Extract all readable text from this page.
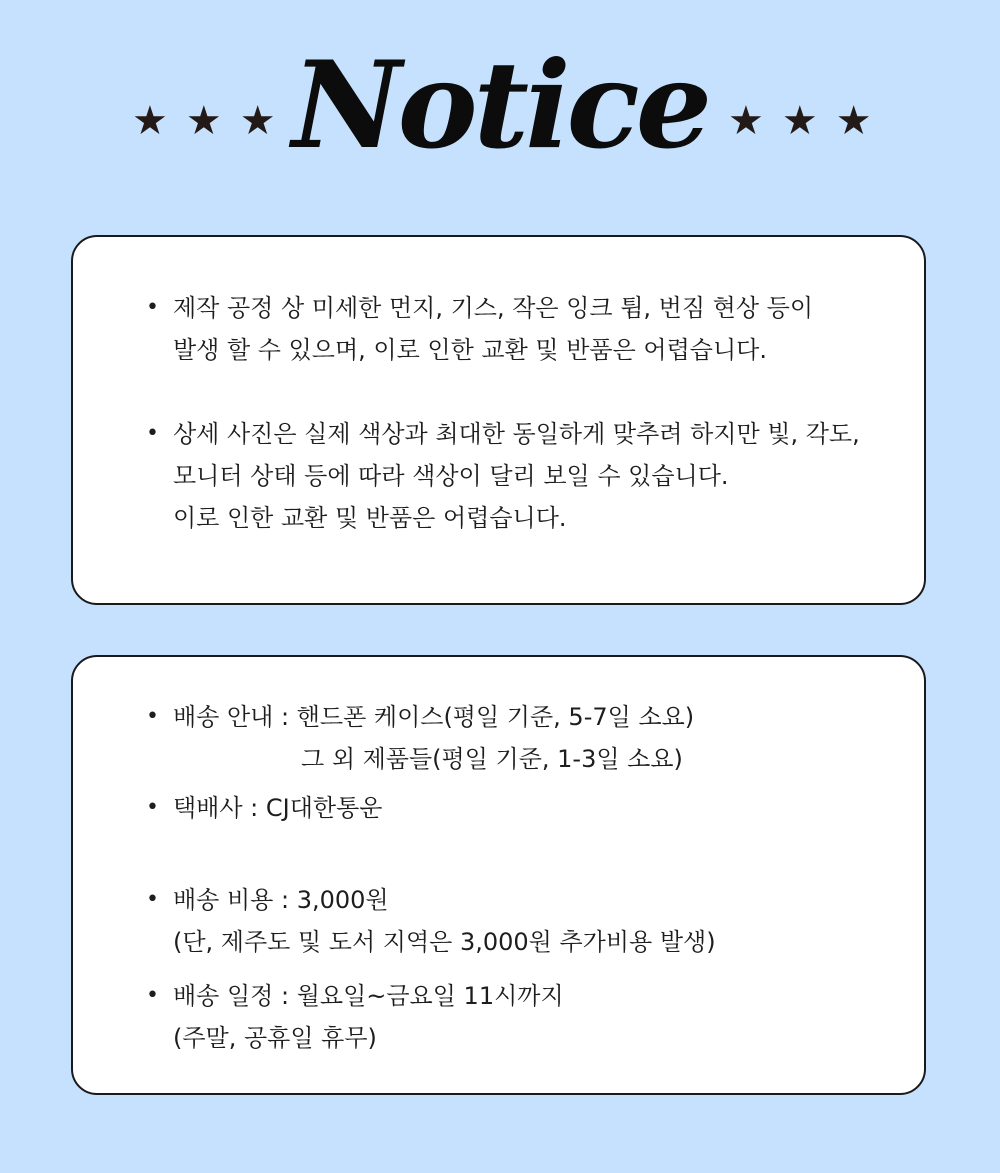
★★★
Notice ★★★
• 제작 공정 상 미세한 먼지, 기스, 작은 잉크 튐, 번짐 현상 등이
발생 할 수 있으며, 이로 인한 교환 및 반품은 어렵습니다.
• 상세 사진은 실제 색상과 최대한 동일하게 맞추려 하지만 빛, 각도,
모니터 상태 등에 따라 색상이 달리 보일 수 있습니다.
이로 인한 교환 및 반품은 어렵습니다.
• 배송 안내 : 핸드폰 케이스(평일 기준, 5-7일 소요)
그 외 제품들(평일 기준, 1-3일 소요)
• 택배사 : CJ대한통운
• 배송 비용 : 3,000원
(단, 제주도 및 도서 지역은 3,000원 추가비용 발생)
• 배송 일정 : 월요일~금요일 11시까지
(주말, 공휴일 휴무)
